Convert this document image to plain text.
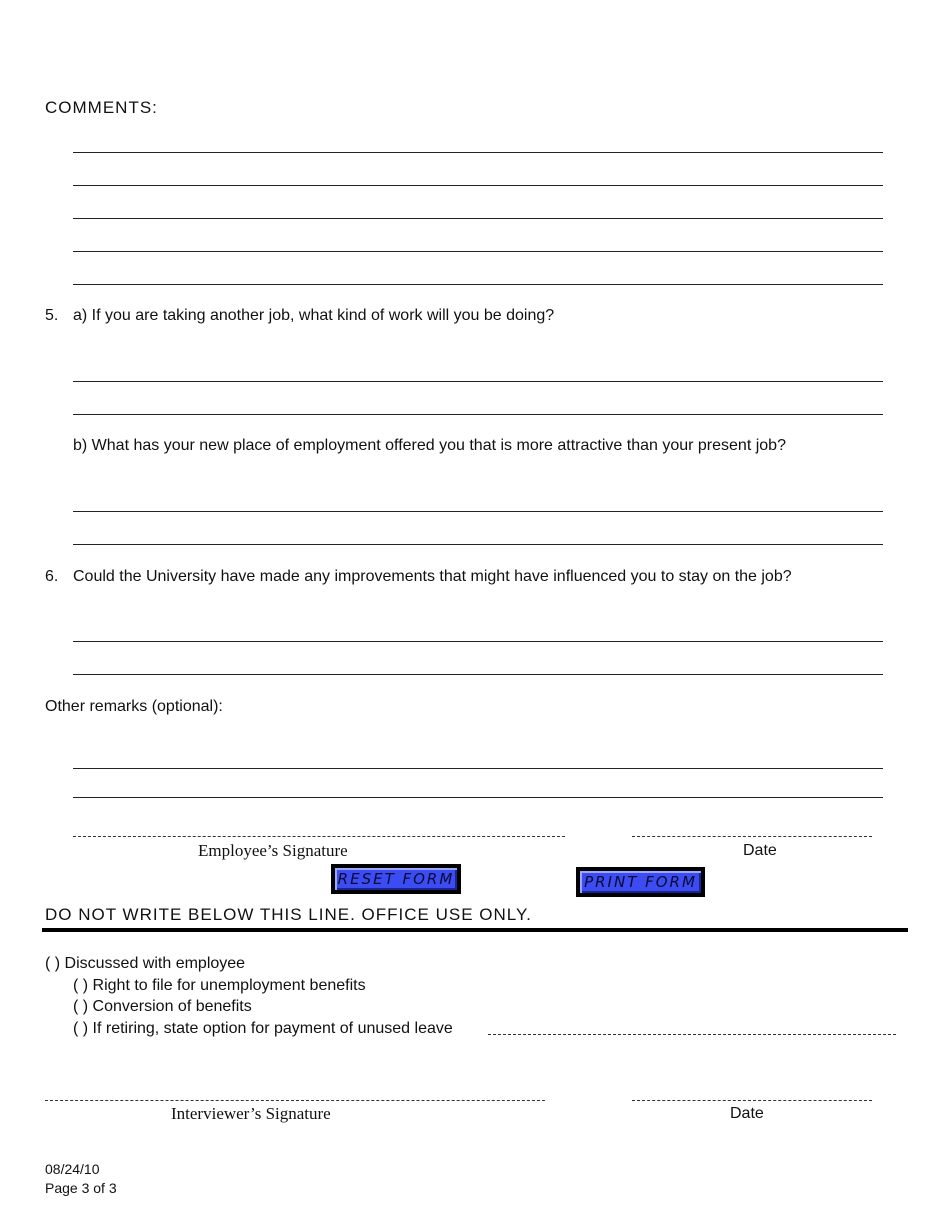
COMMENTS:
5. a) If you are taking another job, what kind of work will you be doing?
b) What has your new place of employment offered you that is more attractive than your present job?
6. Could the University have made any improvements that might have influenced you to stay on the job?
Other remarks (optional):
Employee’s Signature	Date
RESET FORM	PRINT FORM
DO NOT WRITE BELOW THIS LINE. OFFICE USE ONLY.
( ) Discussed with employee
( ) Right to file for unemployment benefits
( ) Conversion of benefits
( ) If retiring, state option for payment of unused leave
Interviewer’s Signature	Date
08/24/10
Page 3 of 3
